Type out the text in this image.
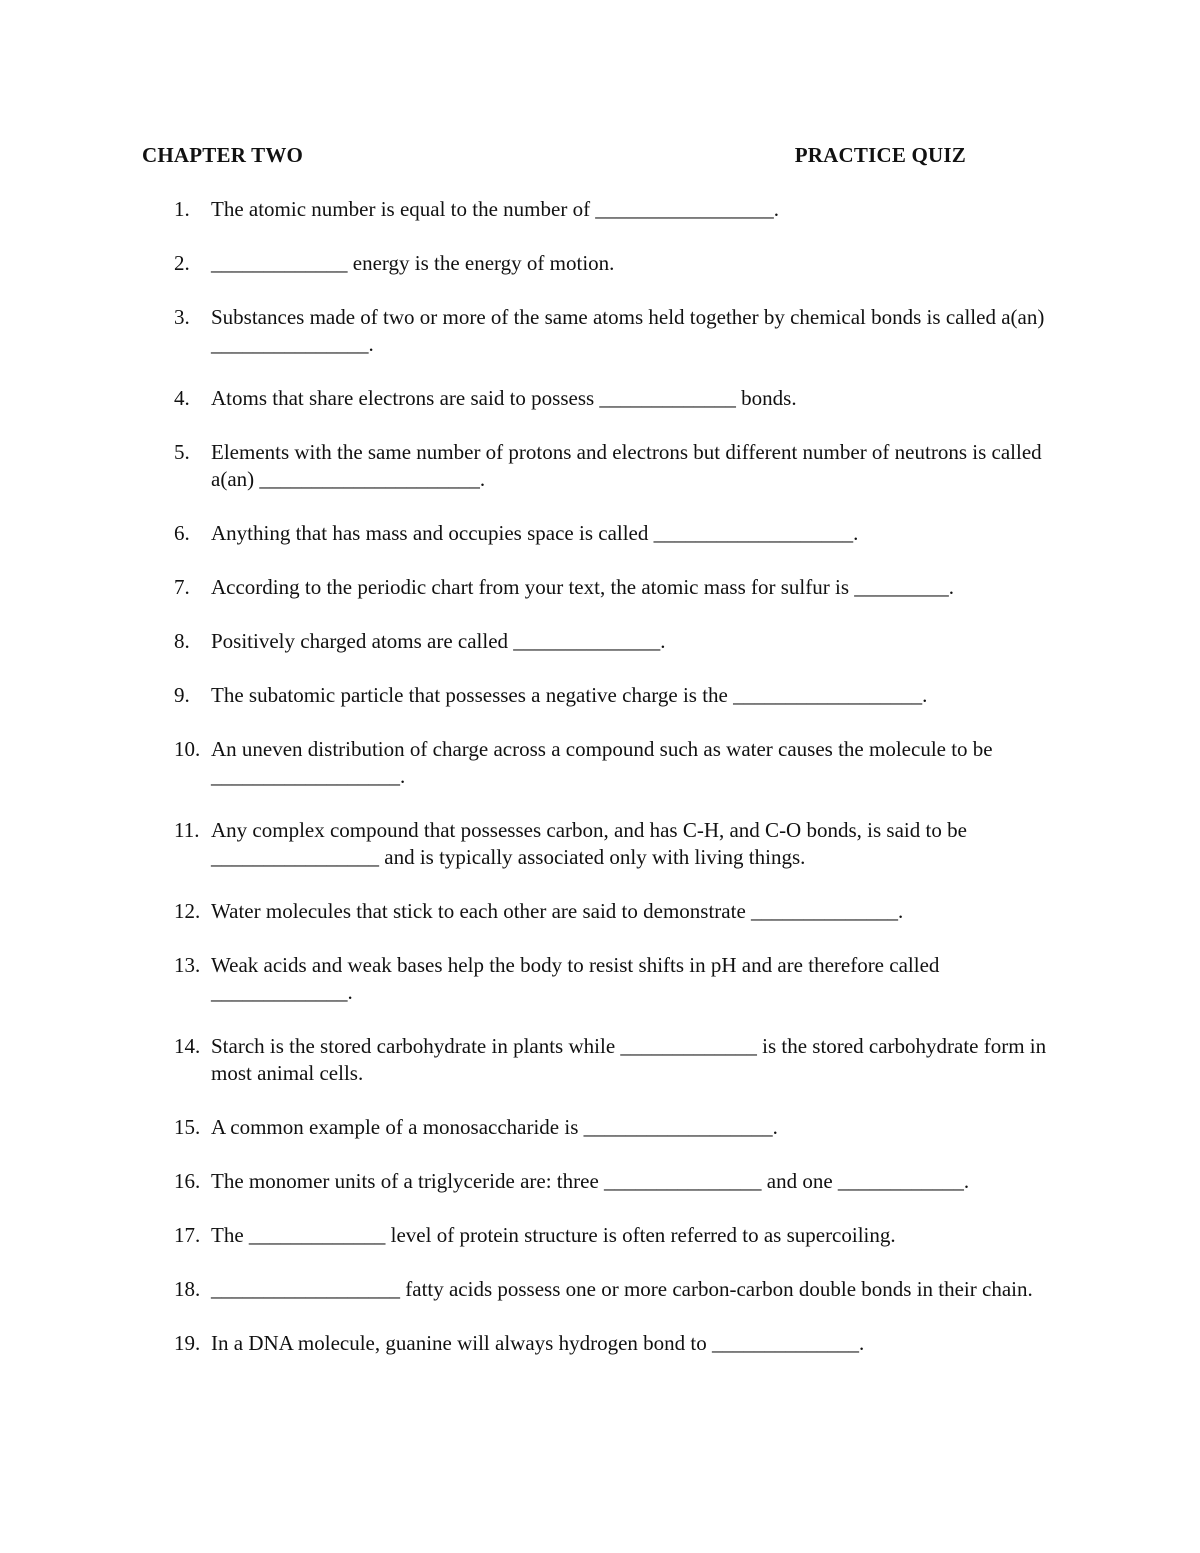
CHAPTER TWO	PRACTICE QUIZ
1. The atomic number is equal to the number of _________________.
2. _____________ energy is the energy of motion.
3. Substances made of two or more of the same atoms held together by chemical bonds is called a(an) _______________.
4. Atoms that share electrons are said to possess _____________ bonds.
5. Elements with the same number of protons and electrons but different number of neutrons is called a(an) _____________________.
6. Anything that has mass and occupies space is called ___________________.
7. According to the periodic chart from your text, the atomic mass for sulfur is _________.
8. Positively charged atoms are called ______________.
9. The subatomic particle that possesses a negative charge is the __________________.
10. An uneven distribution of charge across a compound such as water causes the molecule to be __________________.
11. Any complex compound that possesses carbon, and has C-H, and C-O bonds, is said to be ________________ and is typically associated only with living things.
12. Water molecules that stick to each other are said to demonstrate ______________.
13. Weak acids and weak bases help the body to resist shifts in pH and are therefore called _____________.
14. Starch is the stored carbohydrate in plants while _____________ is the stored carbohydrate form in most animal cells.
15. A common example of a monosaccharide is __________________.
16. The monomer units of a triglyceride are: three _______________ and one ____________.
17. The _____________ level of protein structure is often referred to as supercoiling.
18. __________________ fatty acids possess one or more carbon-carbon double bonds in their chain.
19. In a DNA molecule, guanine will always hydrogen bond to ______________.
